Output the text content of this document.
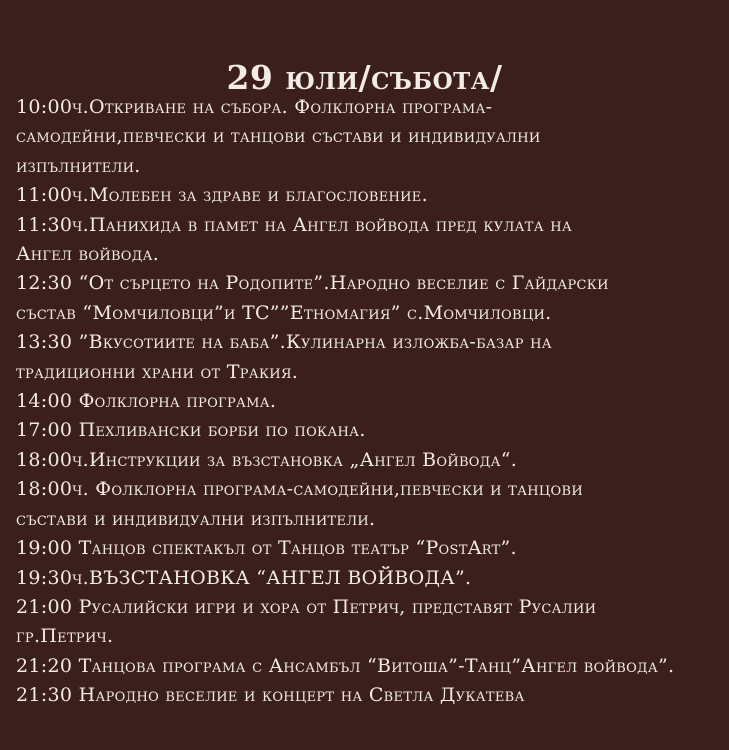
29 юли/събота/
10:00ч.Откриване на събора. Фолклорна програма-
самодейни,певчески и танцови състави и индивидуални
изпълнители.
11:00ч.Молебен за здраве и благословение.
11:30ч.Панихида в памет на Ангел войвода пред кулата на
Ангел войвода.
12:30 “От сърцето на Родопите”.Народно веселие с Гайдарски
състав “Момчиловци”и ТС””Етномагия” с.Момчиловци.
13:30 ”Вкусотиите на баба”.Кулинарна изложба-базар на
традиционни храни от Тракия.
14:00 Фолклорна програма.
17:00 Пехливански борби по покана.
18:00ч.Инструкции за възстановка „Ангел Войвода“.
18:00ч. Фолклорна програма-самодейни,певчески и танцови
състави и индивидуални изпълнители.
19:00 Танцов спектакъл от Танцов театър “PostArt”.
19:30ч.ВЪЗСТАНОВКА “АНГЕЛ ВОЙВОДА”.
21:00 Русалийски игри и хора от Петрич, представят Русалии
гр.Петрич.
21:20 Танцова програма с Ансамбъл “Витоша”-Танц”Ангел войвода”.
21:30 Народно веселие и концерт на Светла Дукатева
